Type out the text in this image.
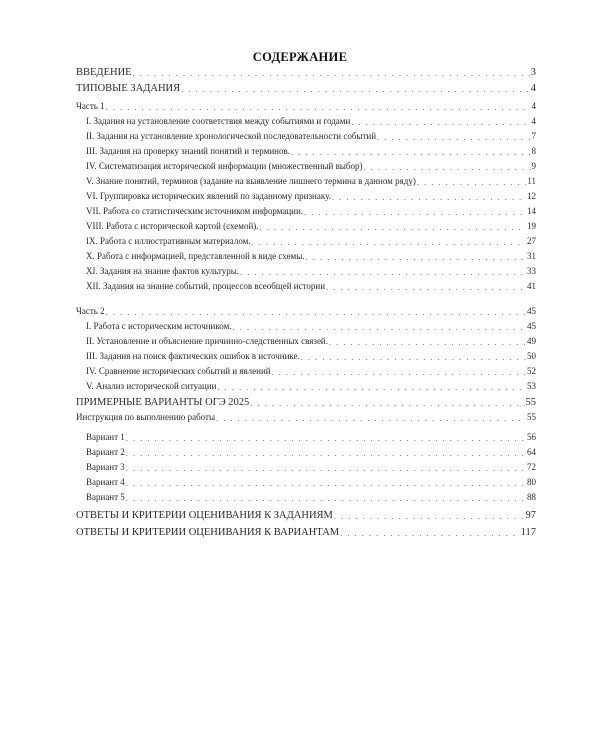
СОДЕРЖАНИЕ
ВВЕДЕНИЕ . . .	3
ТИПОВЫЕ ЗАДАНИЯ . . .	4
Часть 1 . . .	4
I. Задания на установление соответствия между событиями и годами . . .	4
II. Задания на установление хронологической последовательности событий . . .	7
III. Задания на проверку знаний понятий и терминов. . . .	8
IV. Систематизация исторической информации (множественный выбор) . . .	9
V. Знание понятий, терминов (задание на выявление лишнего термина в данном ряду) . . .	11
VI. Группировка исторических явлений по заданному признаку. . . .	12
VII. Работа со статистическим источником информации. . . .	14
VIII. Работа с исторической картой (схемой). . . .	19
IX. Работа с иллюстративным материалом. . . .	27
X. Работа с информацией, представленной в виде схемы. . . .	31
XI. Задания на знание фактов культуры. . . .	33
XII. Задания на знание событий, процессов всеобщей истории . . .	41
Часть 2 . . .	45
I. Работа с историческим источником. . . .	45
II. Установление и объяснение причинно-следственных связей. . . .	49
III. Задания на поиск фактических ошибок в источнике. . . .	50
IV. Сравнение исторических событий и явлений . . .	52
V. Анализ исторической ситуации . . .	53
ПРИМЕРНЫЕ ВАРИАНТЫ ОГЭ 2025 . . .	55
Инструкция по выполнению работы . . .	55
Вариант 1 . . .	56
Вариант 2 . . .	64
Вариант 3 . . .	72
Вариант 4 . . .	80
Вариант 5 . . .	88
ОТВЕТЫ И КРИТЕРИИ ОЦЕНИВАНИЯ К ЗАДАНИЯМ . . .	97
ОТВЕТЫ И КРИТЕРИИ ОЦЕНИВАНИЯ К ВАРИАНТАМ . . .	117
